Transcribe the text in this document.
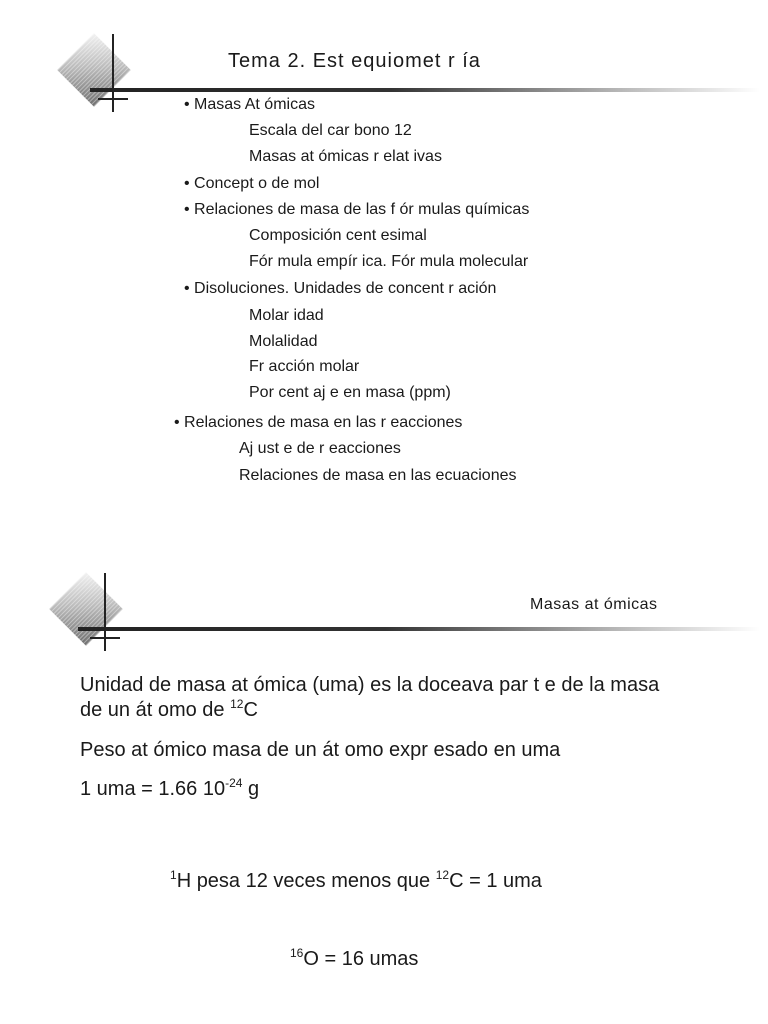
Tema 2. Est equiomet r ía
• Masas At ómicas
Escala del car bono 12
Masas at ómicas r elat ivas
• Concept o de mol
• Relaciones de masa de las f ór mulas químicas
Composición cent esimal
Fór mula empír ica. Fór mula molecular
• Disoluciones. Unidades de concent r ación
Molar idad
Molalidad
Fr acción molar
Por cent aj e en masa (ppm)
• Relaciones de masa en las r eacciones
Aj ust e de r eacciones
Relaciones de masa en las ecuaciones
Masas at ómicas
Unidad de masa at ómica (uma) es la doceava par t e de la masa
de un át omo de $^{12}$C
Peso at ómico masa de un át omo expr esado en uma
1 uma = 1.66 $10^{-24}$ g
$^1$H pesa 12 veces menos que $^{12}$C = 1 uma
$^{16}$O = 16 umas
